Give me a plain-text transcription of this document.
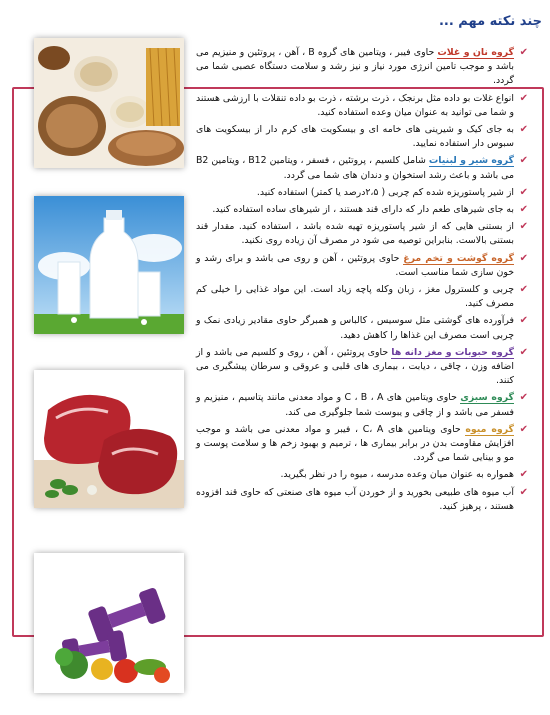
چند نکته مهم ...
✔
گروه نان و غلات حاوی فیبر ، ویتامین های گروه B ، آهن ، پروتئین و منیزیم می باشد و موجب تامین انرژی مورد نیاز و نیز رشد و سلامت دستگاه عصبی شما می گردد.
✔
انواع غلات بو داده مثل برنجک ، ذرت برشته ، ذرت بو داده تنقلات با ارزشی هستند و شما می توانید به عنوان میان وعده استفاده کنید.
✔
به جای کیک و شیرینی های خامه ای و بیسکویت های کرم دار از بیسکویت های سبوس دار استفاده نمایید.
✔
گروه شیر و لبنیات شامل کلسیم ، پروتئین ، فسفر ، ویتامین B12 ، ویتامین B2 می باشد و باعث رشد استخوان و دندان های شما می گردد.
✔
از شیر پاستوریزه شده کم چربی ( ۲،۵درصد یا کمتر) استفاده کنید.
✔
به جای شیرهای طعم دار که دارای قند هستند ، از شیرهای ساده استفاده کنید.
✔
از بستنی هایی که از شیر پاستوریزه تهیه شده باشد ، استفاده کنید. مقدار قند بستنی بالاست. بنابراین توصیه می شود در مصرف آن زیاده روی نکنید.
✔
گروه گوشت و تخم مرغ حاوی پروتئین ، آهن و روی می باشد و برای رشد و خون سازی شما مناسب است.
✔
چربی و کلسترول مغز ، زبان وکله پاچه زیاد است. این مواد غذایی را خیلی کم مصرف کنید.
✔
فرآورده های گوشتی مثل سوسیس ، کالباس و همبرگر حاوی مقادیر زیادی نمک و چربی است مصرف این غذاها را کاهش دهید.
✔
گروه حبوبات و مغز دانه ها حاوی پروتئین ، آهن ، روی و کلسیم می باشد و از اضافه وزن ، چاقی ، دیابت ، بیماری های قلبی و عروقی و سرطان پیشگیری می کنند.
✔
گروه سبزی حاوی ویتامین های C ، B ، A و مواد معدنی مانند پتاسیم ، منیزیم و فسفر می باشد و از چاقی و یبوست شما جلوگیری می کند.
✔
گروه میوه حاوی ویتامین های C، A ، فیبر و مواد معدنی می باشد و موجب افزایش مقاومت بدن در برابر بیماری ها ، ترمیم و بهبود زخم ها و سلامت پوست و مو و بینایی شما می گردد.
✔
همواره به عنوان میان وعده مدرسه ، میوه را در نظر بگیرید.
✔
آب میوه های طبیعی بخورید و از خوردن آب میوه های صنعتی که حاوی قند افزوده هستند ، پرهیز کنید.
